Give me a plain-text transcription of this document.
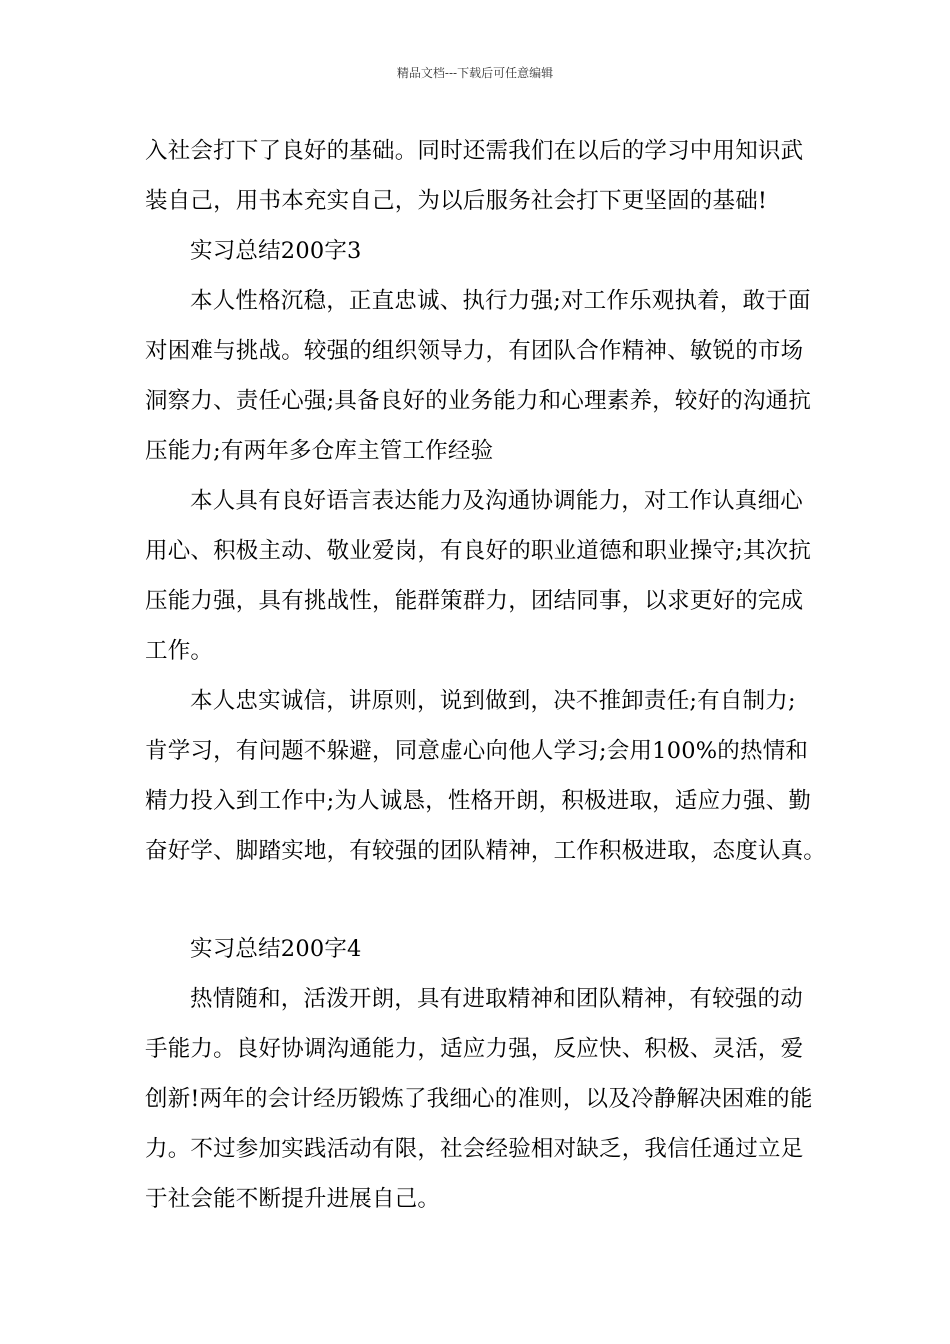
精品文档---下载后可任意编辑
入社会打下了良好的基础。同时还需我们在以后的学习中用知识武
装自己，用书本充实自己，为以后服务社会打下更坚固的基础!
实习总结200字3
本人性格沉稳，正直忠诚、执行力强;对工作乐观执着，敢于面
对困难与挑战。较强的组织领导力，有团队合作精神、敏锐的市场
洞察力、责任心强;具备良好的业务能力和心理素养，较好的沟通抗
压能力;有两年多仓库主管工作经验
本人具有良好语言表达能力及沟通协调能力，对工作认真细心
用心、积极主动、敬业爱岗，有良好的职业道德和职业操守;其次抗
压能力强，具有挑战性，能群策群力，团结同事，以求更好的完成
工作。
本人忠实诚信，讲原则，说到做到，决不推卸责任;有自制力;
肯学习，有问题不躲避，同意虚心向他人学习;会用100%的热情和
精力投入到工作中;为人诚恳，性格开朗，积极进取，适应力强、勤
奋好学、脚踏实地，有较强的团队精神，工作积极进取，态度认真。
实习总结200字4
热情随和，活泼开朗，具有进取精神和团队精神，有较强的动
手能力。良好协调沟通能力，适应力强，反应快、积极、灵活，爱
创新!两年的会计经历锻炼了我细心的准则，以及冷静解决困难的能
力。不过参加实践活动有限，社会经验相对缺乏，我信任通过立足
于社会能不断提升进展自己。
